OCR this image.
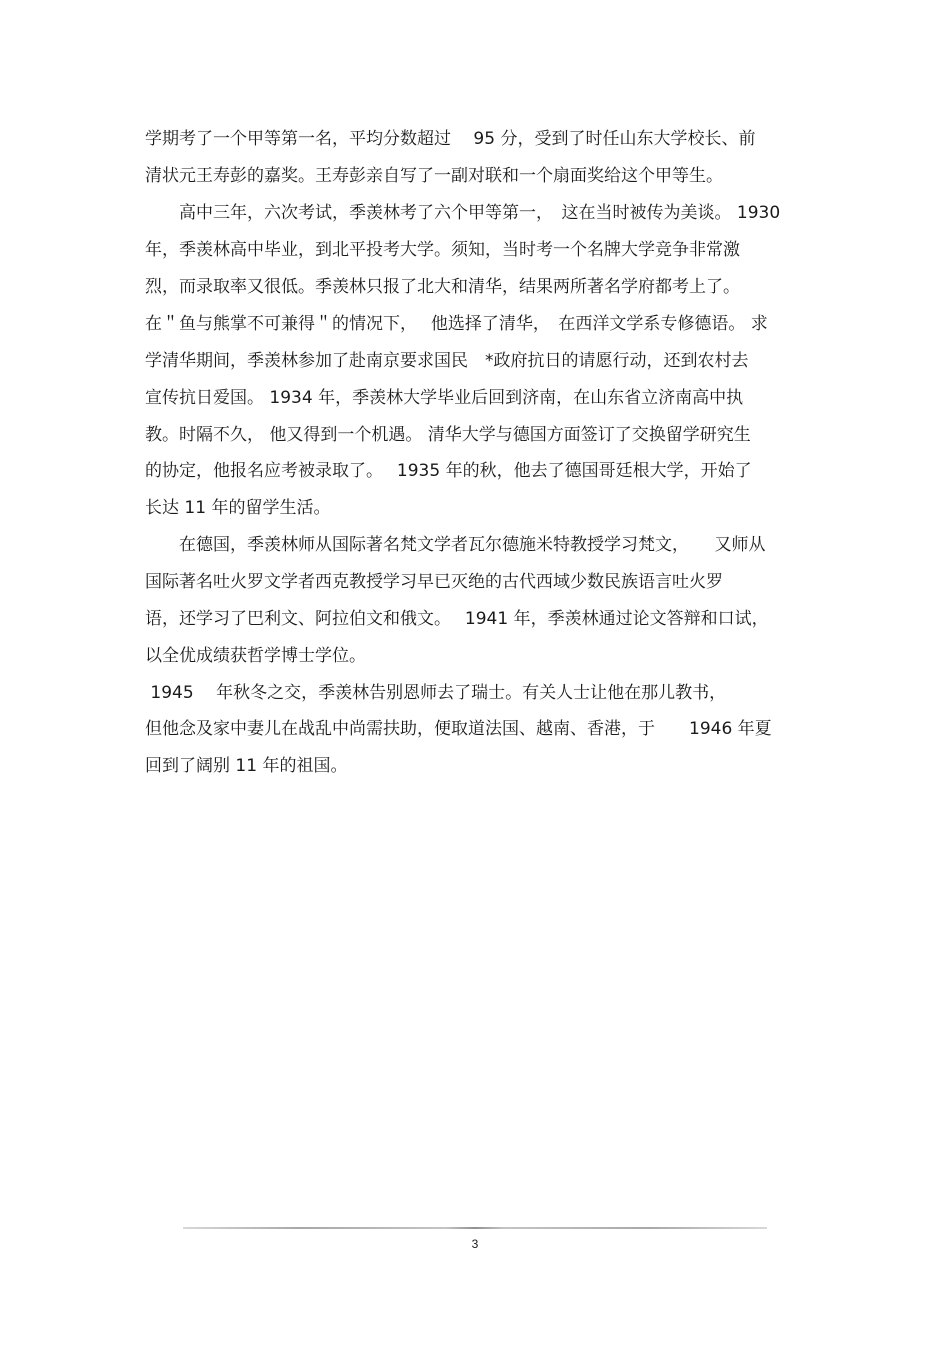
学期考了一个甲等第一名，平均分数超过　 95 分，受到了时任山东大学校长、前
清状元王寿彭的嘉奖。王寿彭亲自写了一副对联和一个扇面奖给这个甲等生。
　　高中三年，六次考试，季羡林考了六个甲等第一，　这在当时被传为美谈。 1930
年，季羡林高中毕业，到北平投考大学。须知，当时考一个名牌大学竞争非常激
烈，而录取率又很低。季羡林只报了北大和清华，结果两所著名学府都考上了。
在＂鱼与熊掌不可兼得＂的情况下，　 他选择了清华，　在西洋文学系专修德语。 求
学清华期间，季羡林参加了赴南京要求国民　*政府抗日的请愿行动，还到农村去
宣传抗日爱国。 1934 年，季羡林大学毕业后回到济南，在山东省立济南高中执
教。时隔不久， 他又得到一个机遇。 清华大学与德国方面签订了交换留学研究生
的协定，他报名应考被录取了。　 1935 年的秋，他去了德国哥廷根大学，开始了
长达 11 年的留学生活。
　　在德国，季羡林师从国际著名梵文学者瓦尔德施米特教授学习梵文，　　又师从
国际著名吐火罗文学者西克教授学习早已灭绝的古代西域少数民族语言吐火罗
语，还学习了巴利文、阿拉伯文和俄文。　 1941 年，季羡林通过论文答辩和口试，
以全优成绩获哲学博士学位。
1945　 年秋冬之交，季羡林告别恩师去了瑞士。有关人士让他在那儿教书，
但他念及家中妻儿在战乱中尚需扶助，便取道法国、越南、香港，于　　1946 年夏
回到了阔别 11 年的祖国。
3
